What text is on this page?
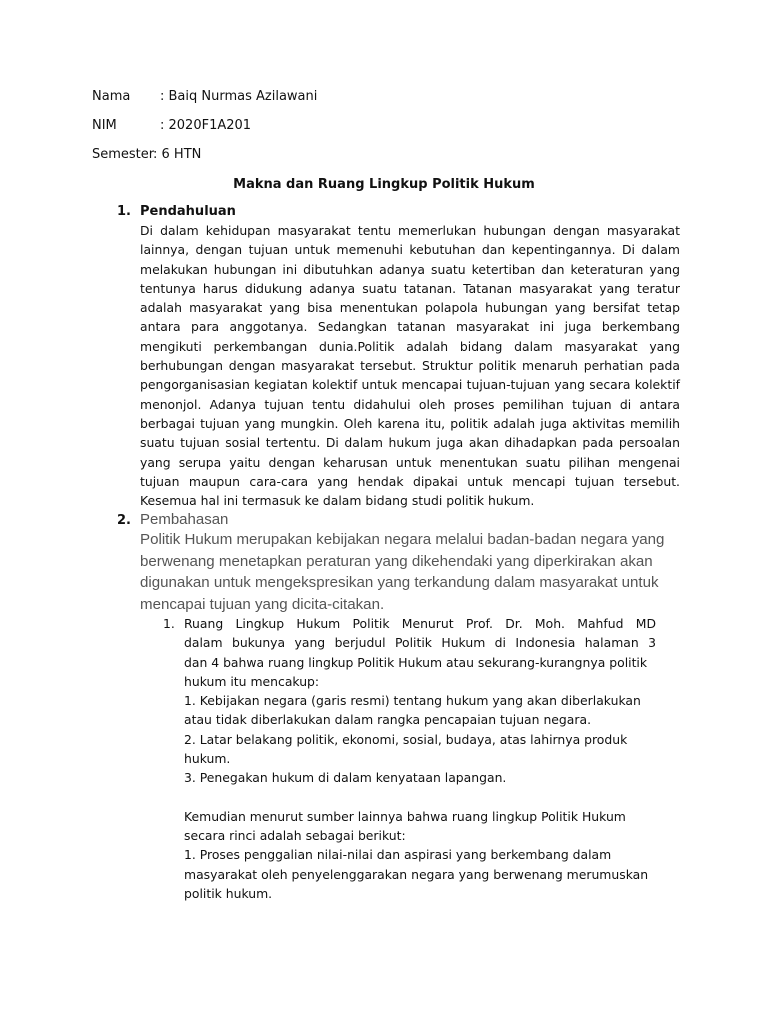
Nama : Baiq Nurmas Azilawani
NIM	: 2020F1A201
Semester: 6 HTN
Makna dan Ruang Lingkup Politik Hukum
1. Pendahuluan
Di dalam kehidupan masyarakat tentu memerlukan hubungan dengan masyarakat lainnya, dengan tujuan untuk memenuhi kebutuhan dan kepentingannya. Di dalam melakukan hubungan ini dibutuhkan adanya suatu ketertiban dan keteraturan yang tentunya harus didukung adanya suatu tatanan. Tatanan masyarakat yang teratur adalah masyarakat yang bisa menentukan polapola hubungan yang bersifat tetap antara para anggotanya. Sedangkan tatanan masyarakat ini juga berkembang mengikuti perkembangan dunia.Politik adalah bidang dalam masyarakat yang berhubungan dengan masyarakat tersebut. Struktur politik menaruh perhatian pada pengorganisasian kegiatan kolektif untuk mencapai tujuan-tujuan yang secara kolektif menonjol. Adanya tujuan tentu didahului oleh proses pemilihan tujuan di antara berbagai tujuan yang mungkin. Oleh karena itu, politik adalah juga aktivitas memilih suatu tujuan sosial tertentu. Di dalam hukum juga akan dihadapkan pada persoalan yang serupa yaitu dengan keharusan untuk menentukan suatu pilihan mengenai tujuan maupun cara-cara yang hendak dipakai untuk mencapi tujuan tersebut. Kesemua hal ini termasuk ke dalam bidang studi politik hukum.
2. Pembahasan
Politik Hukum merupakan kebijakan negara melalui badan-badan negara yang berwenang menetapkan peraturan yang dikehendaki yang diperkirakan akan digunakan untuk mengekspresikan yang terkandung dalam masyarakat untuk mencapai tujuan yang dicita-citakan.
1. Ruang Lingkup Hukum Politik Menurut Prof. Dr. Moh. Mahfud MD

dalam bukunya yang berjudul Politik Hukum di Indonesia halaman 3

dan 4 bahwa ruang lingkup Politik Hukum atau sekurang-kurangnya politik hukum itu mencakup:

1. Kebijakan negara (garis resmi) tentang hukum yang akan diberlakukan atau tidak diberlakukan dalam rangka pencapaian tujuan negara.

2. Latar belakang politik, ekonomi, sosial, budaya, atas lahirnya produk hukum.

3. Penegakan hukum di dalam kenyataan lapangan.

Kemudian menurut sumber lainnya bahwa ruang lingkup Politik Hukum secara rinci adalah sebagai berikut:

1. Proses penggalian nilai-nilai dan aspirasi yang berkembang dalam masyarakat oleh penyelenggarakan negara yang berwenang merumuskan politik hukum.
